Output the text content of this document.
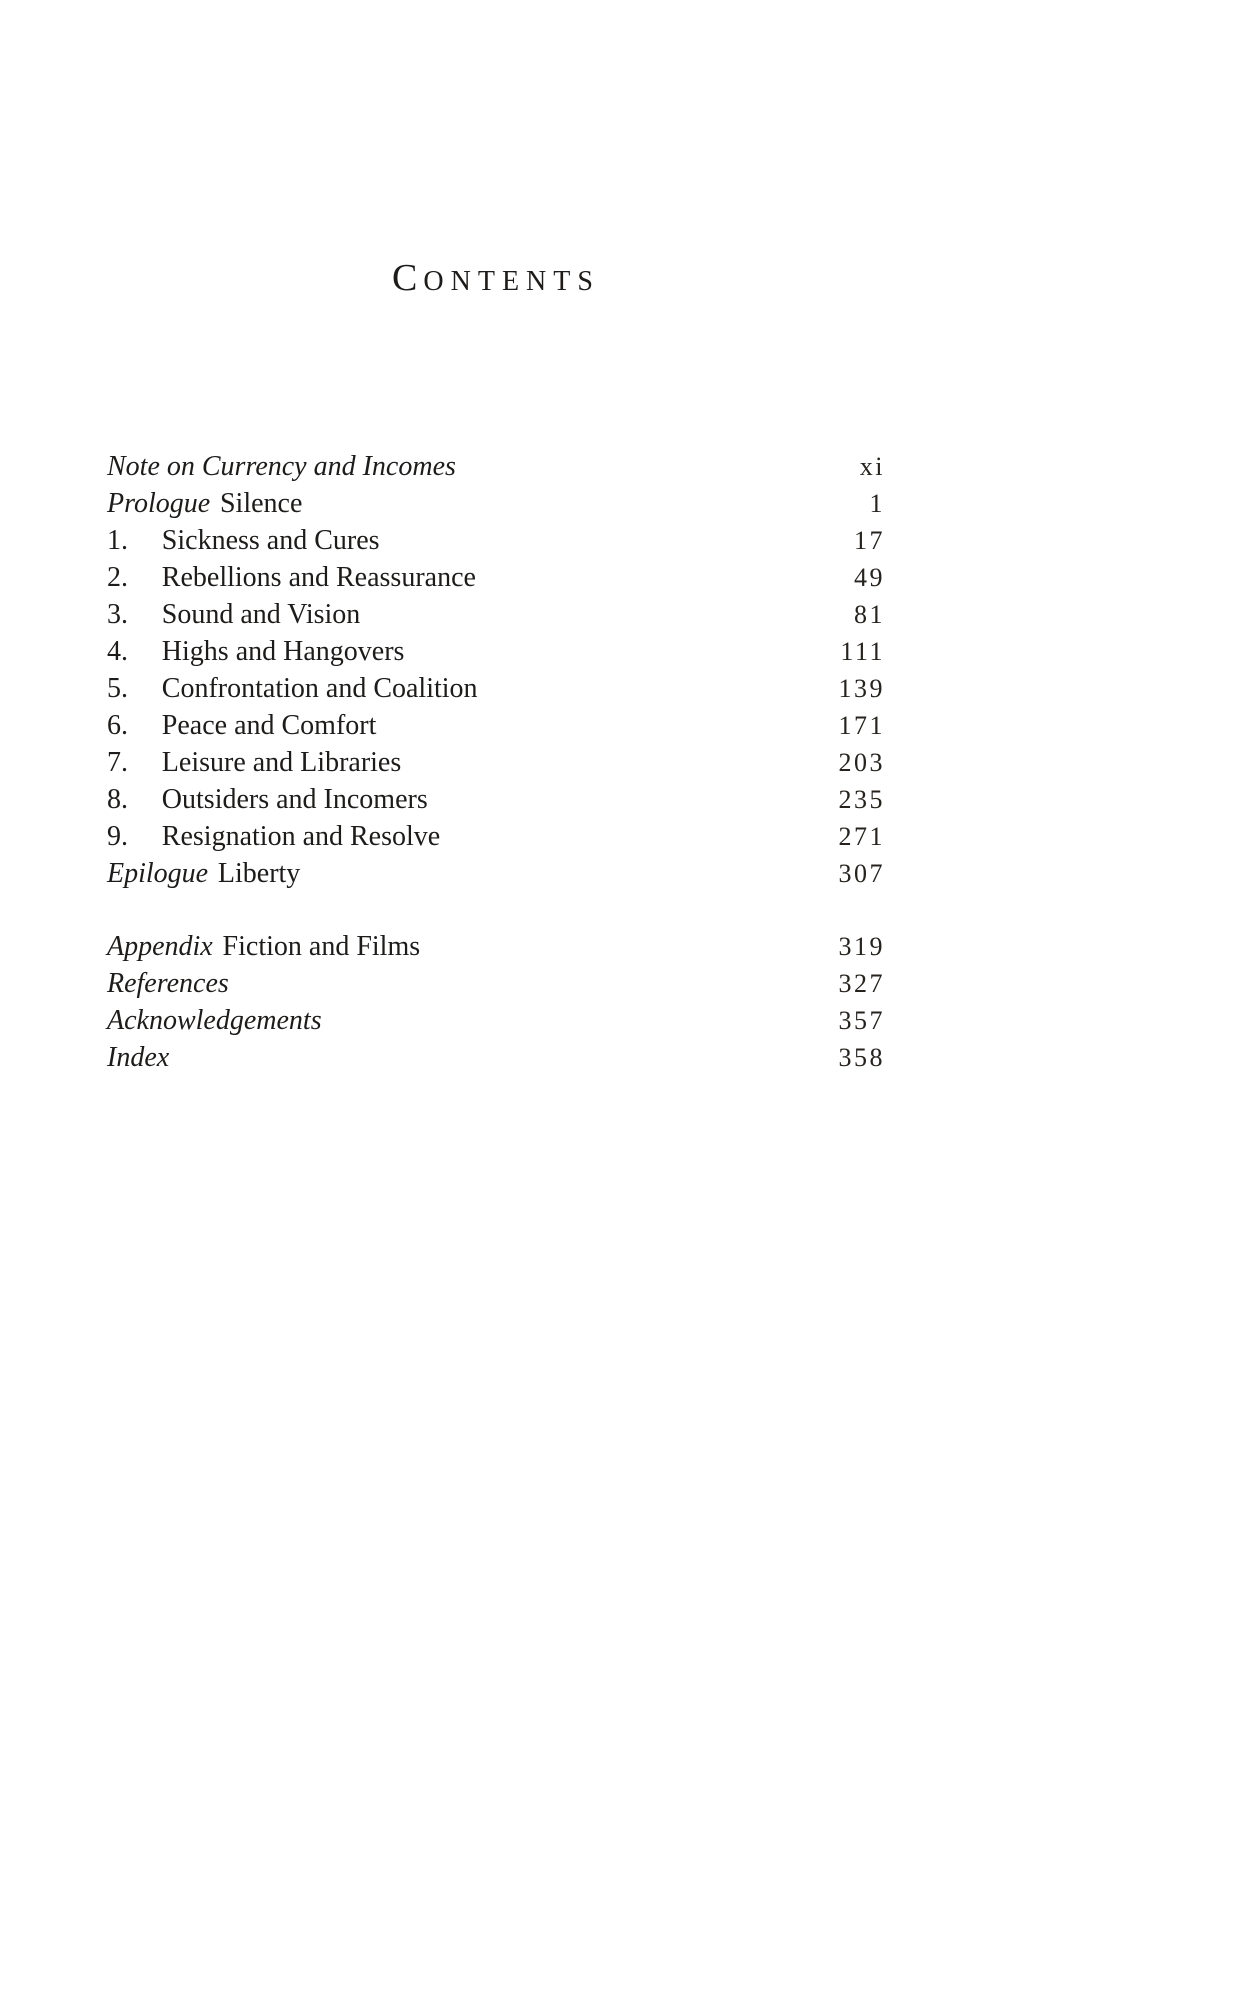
CONTENTS
Note on Currency and Incomes	xi
Prologue Silence	1
1.	Sickness and Cures	17
2.	Rebellions and Reassurance	49
3.	Sound and Vision	81
4.	Highs and Hangovers	111
5.	Confrontation and Coalition	139
6.	Peace and Comfort	171
7.	Leisure and Libraries	203
8.	Outsiders and Incomers	235
9.	Resignation and Resolve	271
Epilogue Liberty	307
Appendix Fiction and Films	319
References	327
Acknowledgements	357
Index	358
